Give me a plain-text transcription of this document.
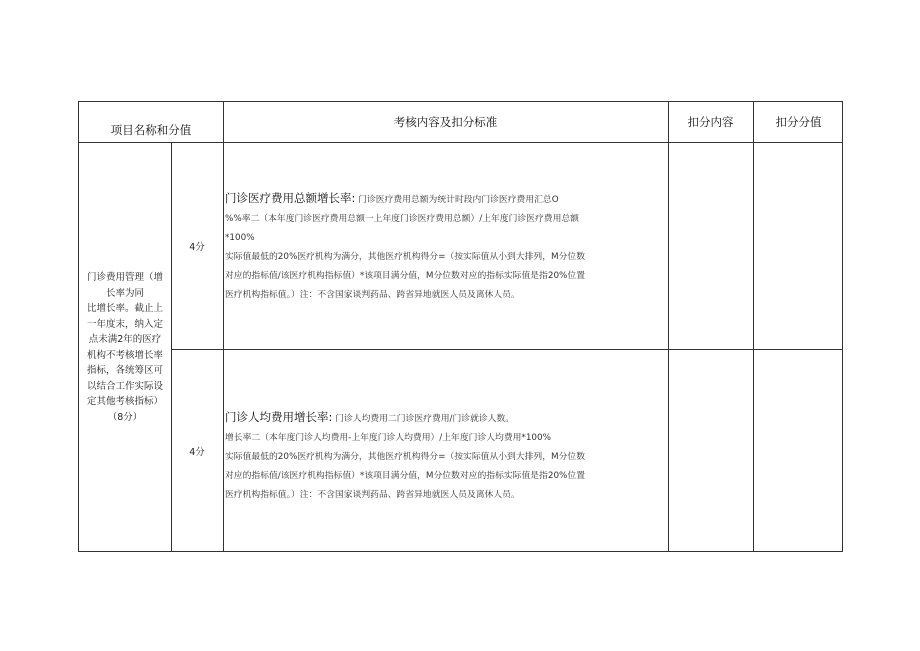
项目名称和分值
考核内容及扣分标准	扣分内容	扣分分值
门诊费用管理（增
长率为同
比增长率。截止上
一年度末，纳入定
点未满2年的医疗
机构不考核增长率
指标，各统筹区可
以结合工作实际设
定其他考核指标）
（8分）
4分
4分
门诊医疗费用总额增长率: 门诊医疗费用总额为统计时段内门诊医疗费用汇总O
%%率二（本年度门诊医疗费用总额一上年度门诊医疗费用总额）/上年度门诊医疗费用总额
*100%
实际值最低的20%医疗机构为满分，其他医疗机构得分=（按实际值从小到大排列，M分位数
对应的指标值/该医疗机构指标值）*该项目满分值，M分位数对应的指标实际值是指20%位置
医疗机构指标值。）注：不含国家谈判药品、跨省异地就医人员及离休人员。
门诊人均费用增长率: 门诊人均费用二门诊医疗费用/门诊就诊人数。
增长率二（本年度门诊人均费用-上年度门诊人均费用）/上年度门诊人均费用*100%
实际值最低的20%医疗机构为满分，其他医疗机构得分=（按实际值从小到大排列，M分位数
对应的指标值/该医疗机构指标值）*该项目满分值，M分位数对应的指标实际值是指20%位置
医疗机构指标值。）注：不含国家谈判药品、跨省异地就医人员及离休人员。
